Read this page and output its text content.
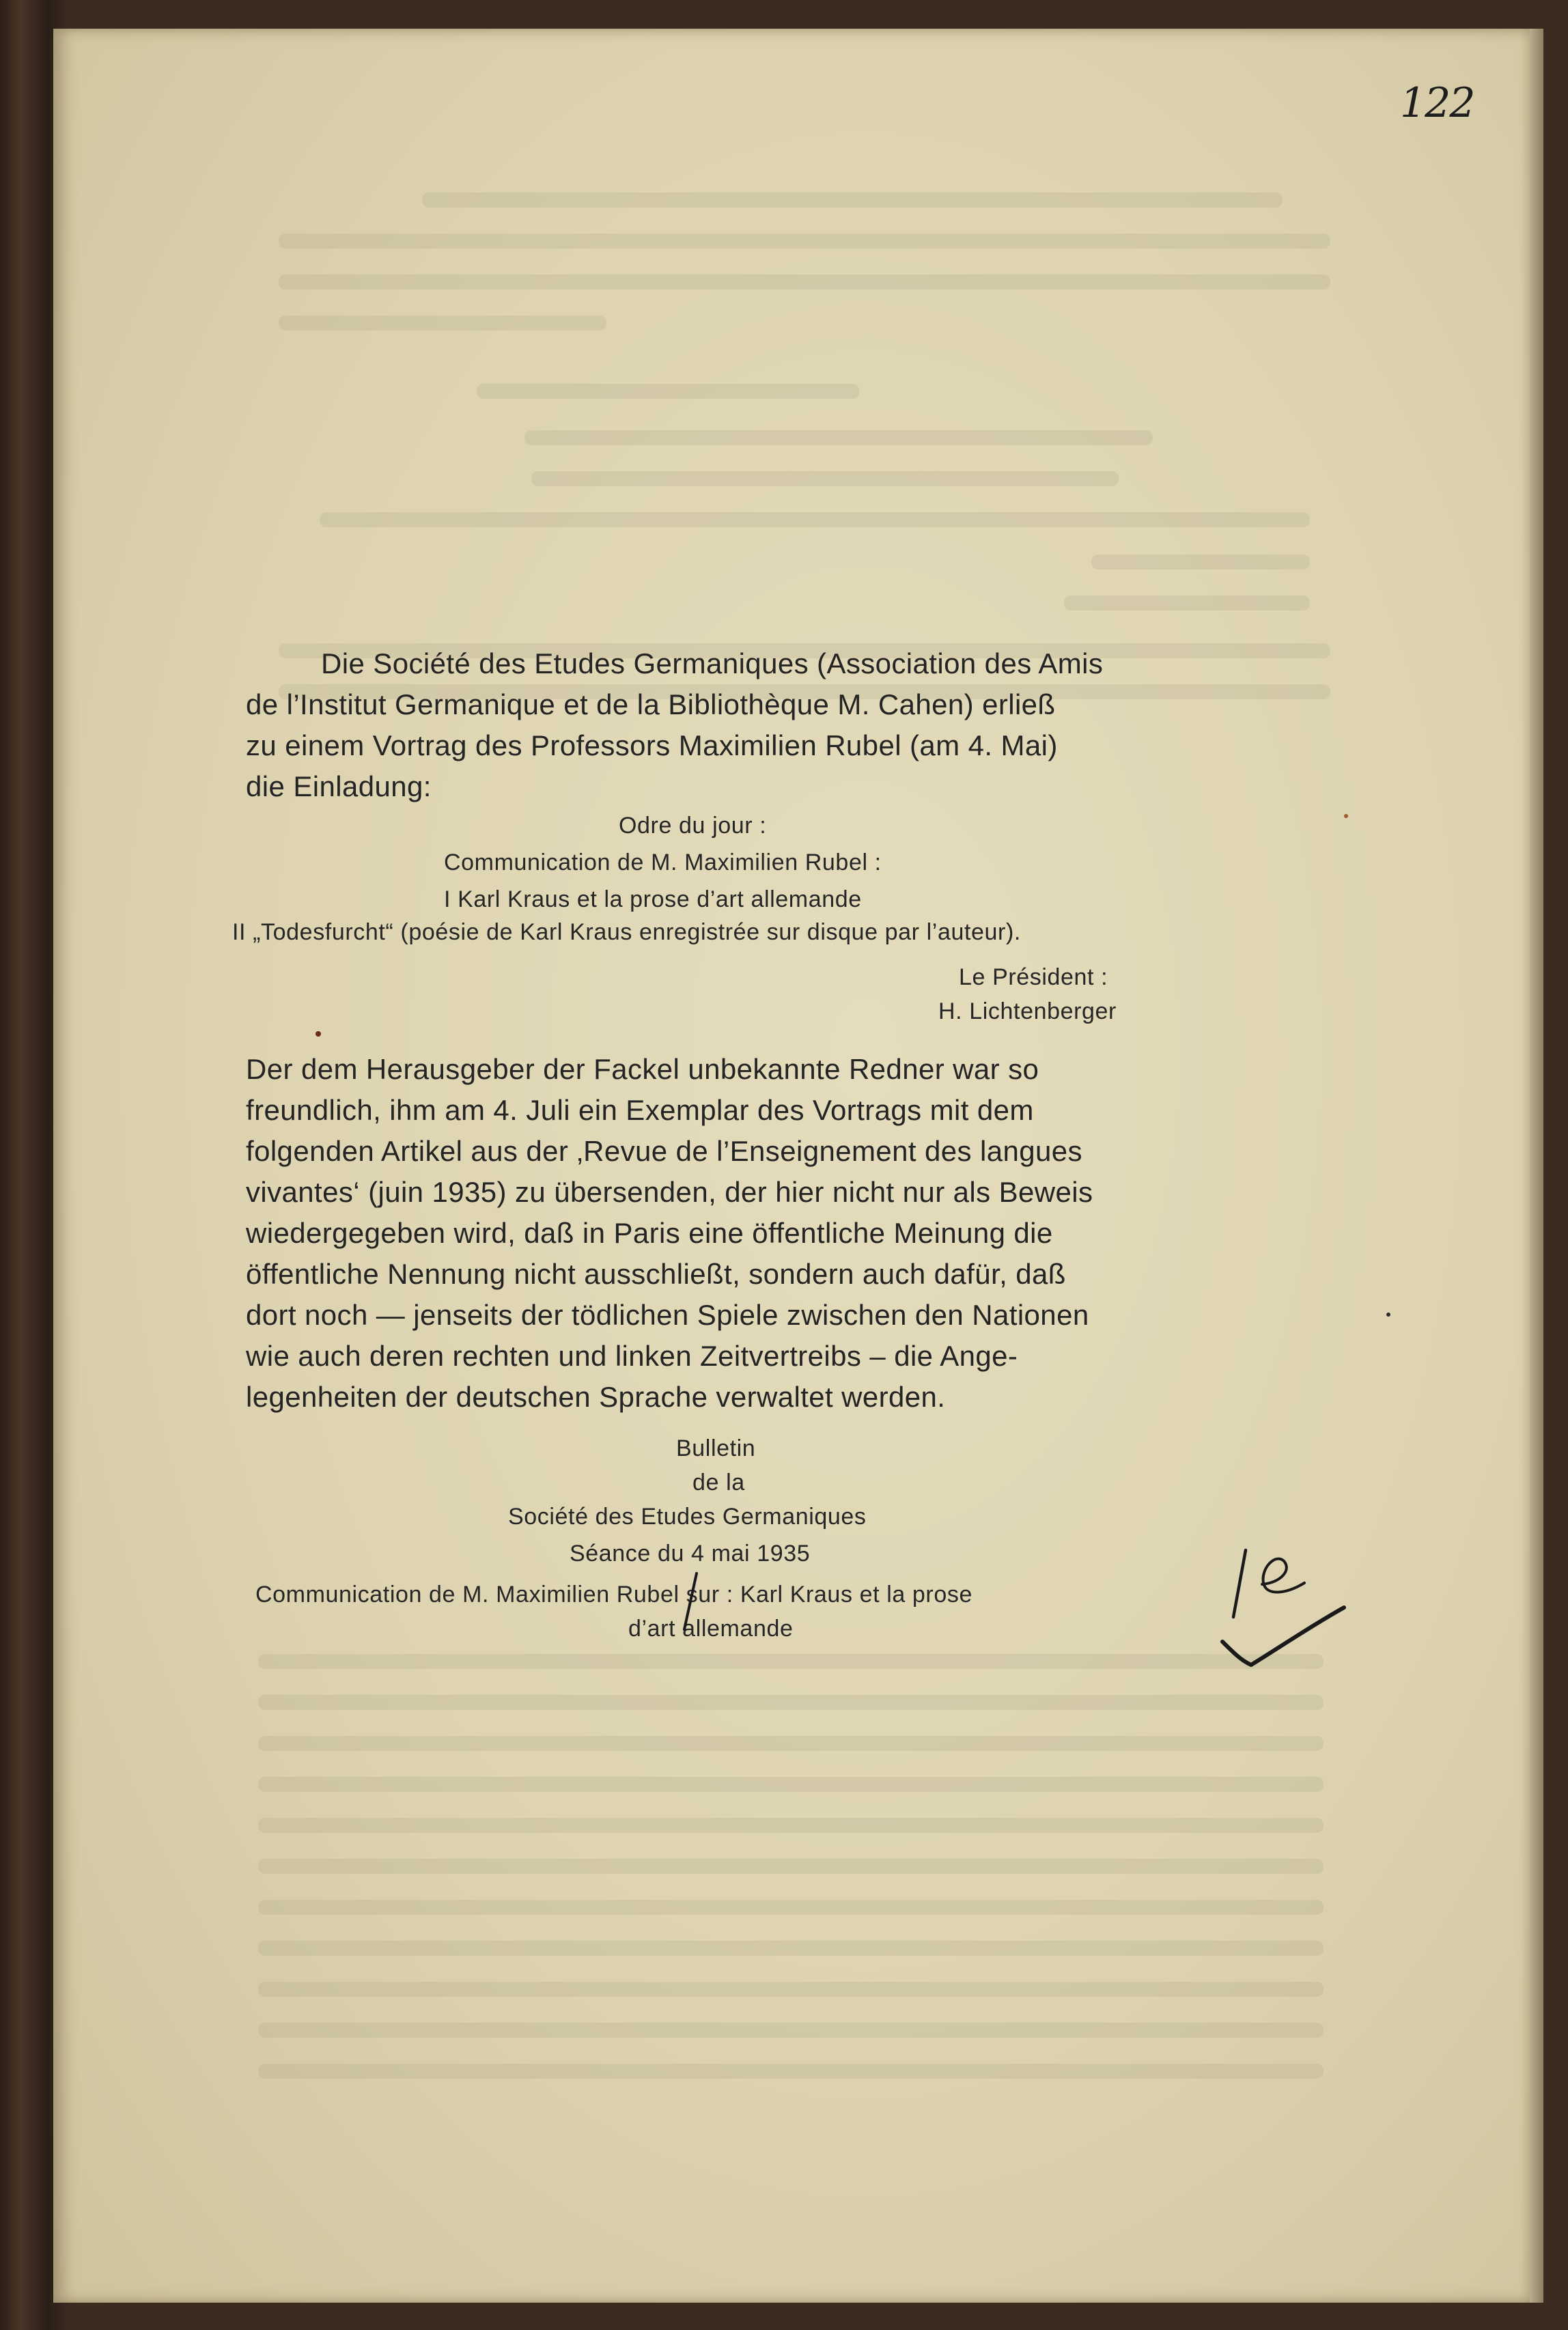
122
Die Société des Etudes Germaniques (Association des Amis
de l’Institut Germanique et de la Bibliothèque M. Cahen) erließ
zu einem Vortrag des Professors Maximilien Rubel (am 4. Mai)
die Einladung:
Odre du jour :
Communication de M. Maximilien Rubel :
I Karl Kraus et la prose d’art allemande
II „Todesfurcht“ (poésie de Karl Kraus enregistrée sur disque par l’auteur).
Le Président :
H. Lichtenberger
Der dem Herausgeber der Fackel unbekannte Redner war so
freundlich, ihm am 4. Juli ein Exemplar des Vortrags mit dem
folgenden Artikel aus der ‚Revue de l’Enseignement des langues
vivantes‘ (juin 1935) zu übersenden, der hier nicht nur als Beweis
wiedergegeben wird, daß in Paris eine öffentliche Meinung die
öffentliche Nennung nicht ausschließt, sondern auch dafür, daß
dort noch — jenseits der tödlichen Spiele zwischen den Nationen
wie auch deren rechten und linken Zeitvertreibs – die Ange-
legenheiten der deutschen Sprache verwaltet werden.
Bulletin
de la
Société des Etudes Germaniques
Séance du 4 mai 1935
Communication de M. Maximilien Rubel sur : Karl Kraus et la prose
d’art allemande
